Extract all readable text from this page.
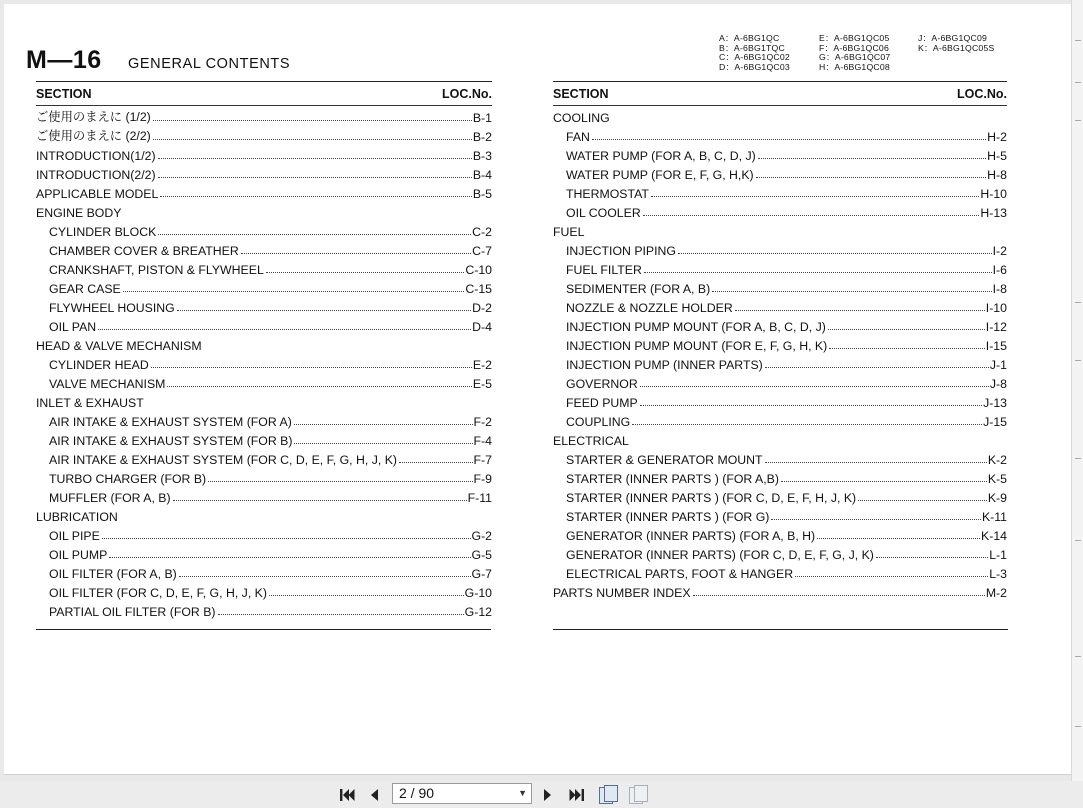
M—16 GENERAL CONTENTS
A：A-6BG1QC
B：A-6BG1TQC
C：A-6BG1QC02
D：A-6BG1QC03
E：A-6BG1QC05
F：A-6BG1QC06
G：A-6BG1QC07
H：A-6BG1QC08
J：A-6BG1QC09
K：A-6BG1QC05S
SECTION	LOC.No.
ご使用のまえに (1/2)	B-1
ご使用のまえに (2/2)	B-2
INTRODUCTION(1/2)	B-3
INTRODUCTION(2/2)	B-4
APPLICABLE MODEL	B-5
ENGINE BODY
CYLINDER BLOCK	C-2
CHAMBER COVER & BREATHER	C-7
CRANKSHAFT, PISTON & FLYWHEEL	C-10
GEAR CASE	C-15
FLYWHEEL HOUSING	D-2
OIL PAN	D-4
HEAD & VALVE MECHANISM
CYLINDER HEAD	E-2
VALVE MECHANISM	E-5
INLET & EXHAUST
AIR INTAKE & EXHAUST SYSTEM (FOR A)	F-2
AIR INTAKE & EXHAUST SYSTEM (FOR B)	F-4
AIR INTAKE & EXHAUST SYSTEM (FOR C, D, E, F, G, H, J, K)	F-7
TURBO CHARGER (FOR B)	F-9
MUFFLER (FOR A, B)	F-11
LUBRICATION
OIL PIPE	G-2
OIL PUMP	G-5
OIL FILTER (FOR A, B)	G-7
OIL FILTER (FOR C, D, E, F, G, H, J, K)	G-10
PARTIAL OIL FILTER (FOR B)	G-12
SECTION	LOC.No.
COOLING
FAN	H-2
WATER PUMP (FOR A, B, C, D, J)	H-5
WATER PUMP (FOR E, F, G, H,K)	H-8
THERMOSTAT	H-10
OIL COOLER	H-13
FUEL
INJECTION PIPING	I-2
FUEL FILTER	I-6
SEDIMENTER (FOR A, B)	I-8
NOZZLE & NOZZLE HOLDER	I-10
INJECTION PUMP MOUNT (FOR A, B, C, D, J)	I-12
INJECTION PUMP MOUNT (FOR E, F, G, H, K)	I-15
INJECTION PUMP (INNER PARTS)	J-1
GOVERNOR	J-8
FEED PUMP	J-13
COUPLING	J-15
ELECTRICAL
STARTER & GENERATOR MOUNT	K-2
STARTER (INNER PARTS ) (FOR A,B)	K-5
STARTER (INNER PARTS ) (FOR C, D, E, F, H, J, K)	K-9
STARTER (INNER PARTS ) (FOR G)	K-11
GENERATOR (INNER PARTS) (FOR A, B, H)	K-14
GENERATOR (INNER PARTS) (FOR C, D, E, F, G, J, K)	L-1
ELECTRICAL PARTS, FOOT & HANGER	L-3
PARTS NUMBER INDEX	M-2
2 / 90	▼
